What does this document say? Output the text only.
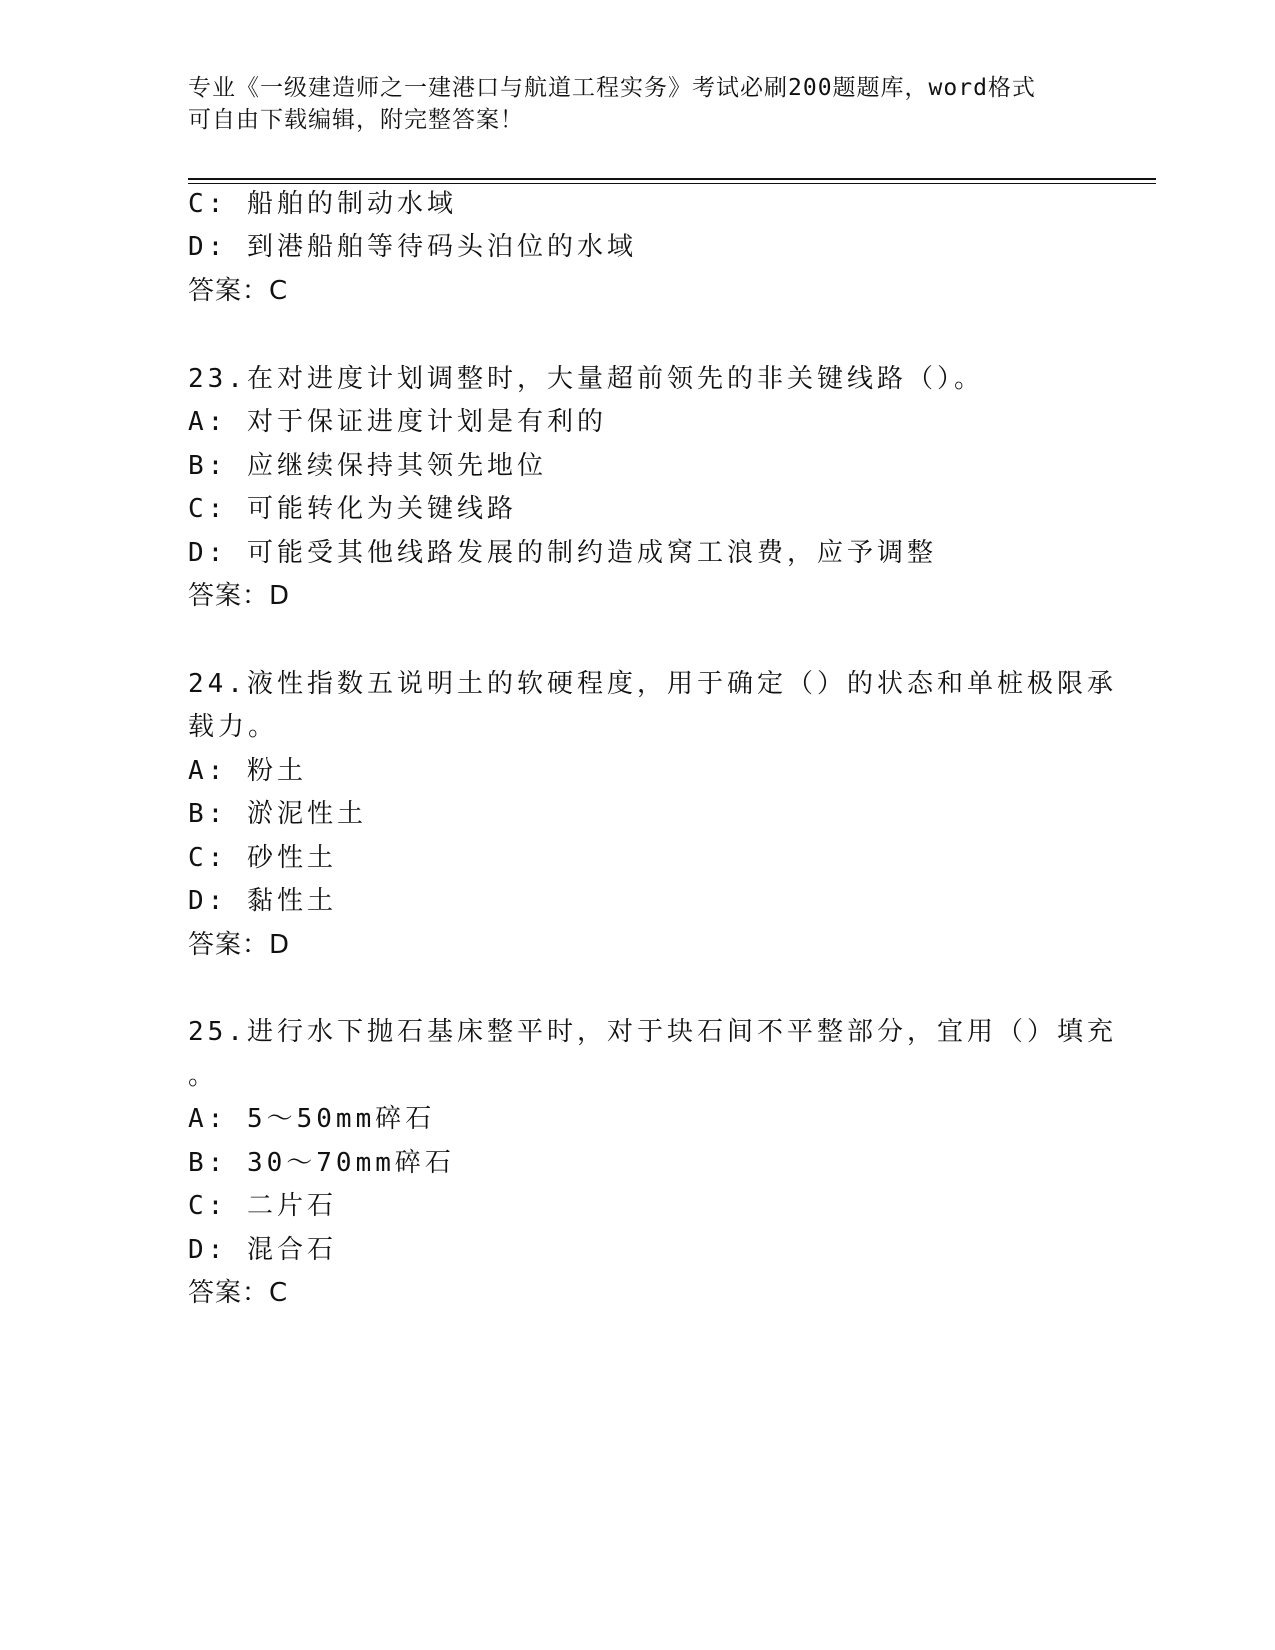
专业《一级建造师之一建港口与航道工程实务》考试必刷200题题库，word格式
可自由下载编辑，附完整答案！
C: 船舶的制动水域
D: 到港船舶等待码头泊位的水域
答案：C
23.在对进度计划调整时，大量超前领先的非关键线路（）。
A: 对于保证进度计划是有利的
B: 应继续保持其领先地位
C: 可能转化为关键线路
D: 可能受其他线路发展的制约造成窝工浪费，应予调整
答案：D
24.液性指数五说明土的软硬程度，用于确定（）的状态和单桩极限承
载力。
A: 粉土
B: 淤泥性土
C: 砂性土
D: 黏性土
答案：D
25.进行水下抛石基床整平时，对于块石间不平整部分，宜用（）填充
。
A: 5～50mm碎石
B: 30～70mm碎石
C: 二片石
D: 混合石
答案：C
